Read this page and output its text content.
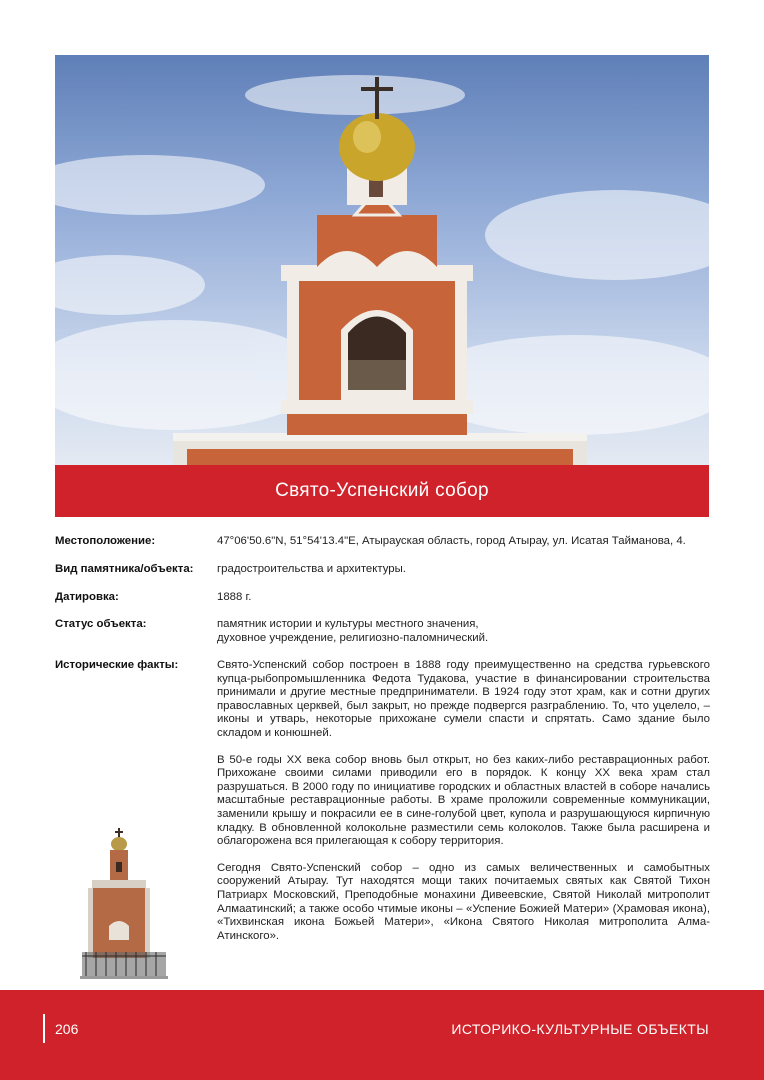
Свято-Успенский собор
Местоположение:	47°06'50.6"N, 51°54'13.4"E, Атырауская область, город Атырау, ул. Исатая Тайманова, 4.
Вид памятника/объекта: градостроительства и архитектуры.
Датировка:	1888 г.
Статус объекта:	памятник истории и культуры местного значения,
духовное учреждение, религиозно-паломнический.
Исторические факты:	Свято-Успенский собор построен в 1888 году преимущественно на средства гурьевского купца-рыбопромышленника Федота Тудакова, участие в финансировании строительства принимали и другие местные предприниматели. В 1924 году этот храм, как и сотни других православных церквей, был закрыт, но прежде подвергся разграблению. То, что уцелело, – иконы и утварь, некоторые прихожане сумели спасти и спрятать. Само здание было складом и конюшней.

В 50-е годы XX века собор вновь был открыт, но без каких-либо реставрационных работ. Прихожане своими силами приводили его в порядок. К концу XX века храм стал разрушаться. В 2000 году по инициативе городских и областных властей в соборе начались масштабные реставрационные работы. В храме проложили современные коммуникации, заменили крышу и покрасили ее в сине-голубой цвет, купола и разрушающуюся кирпичную кладку. В обновленной колокольне разместили семь колоколов. Также была расширена и облагорожена вся прилегающая к собору территория.

Сегодня Свято-Успенский собор – одно из самых величественных и самобытных сооружений Атырау. Тут находятся мощи таких почитаемых святых как Святой Тихон Патриарх Московский, Преподобные монахини Дивеевские, Святой Николай митрополит Алмаатинский; а также особо чтимые иконы – «Успение Божией Матери» (Храмовая икона), «Тихвинская икона Божьей Матери», «Икона Святого Николая митрополита Алма-Атинского».

206	ИСТОРИКО-КУЛЬТУРНЫЕ ОБЪЕКТЫ
